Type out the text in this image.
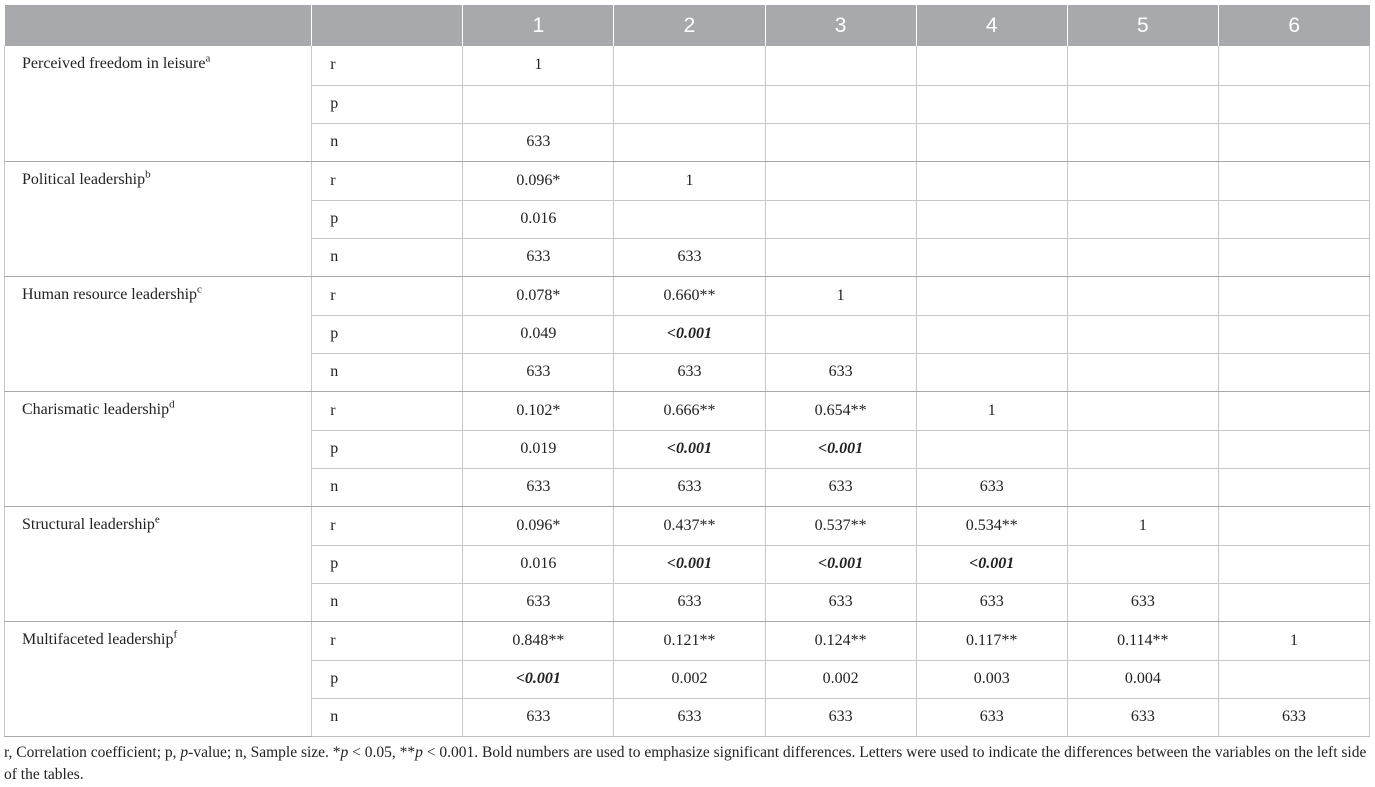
		1	2	3	4	5	6
Perceived freedom in leisure$^a$	r	1					
	p						
	n	633					
Political leadership$^b$	r	0.096*	1				
	p	0.016					
	n	633	633				
Human resource leadership$^c$	r	0.078*	0.660**	1			
	p	0.049	<0.001				
	n	633	633	633			
Charismatic leadership$^d$	r	0.102*	0.666**	0.654**	1		
	p	0.019	<0.001	<0.001			
	n	633	633	633	633		
Structural leadership$^e$	r	0.096*	0.437**	0.537**	0.534**	1	
	p	0.016	<0.001	<0.001	<0.001		
	n	633	633	633	633	633	
Multifaceted leadership$^f$	r	0.848**	0.121**	0.124**	0.117**	0.114**	1
	p	<0.001	0.002	0.002	0.003	0.004	
	n	633	633	633	633	633	633
r, Correlation coefficient; p, p-value; n, Sample size. *p < 0.05, **p < 0.001. Bold numbers are used to emphasize significant differences. Letters were used to indicate the differences between the variables on the left side of the tables.
